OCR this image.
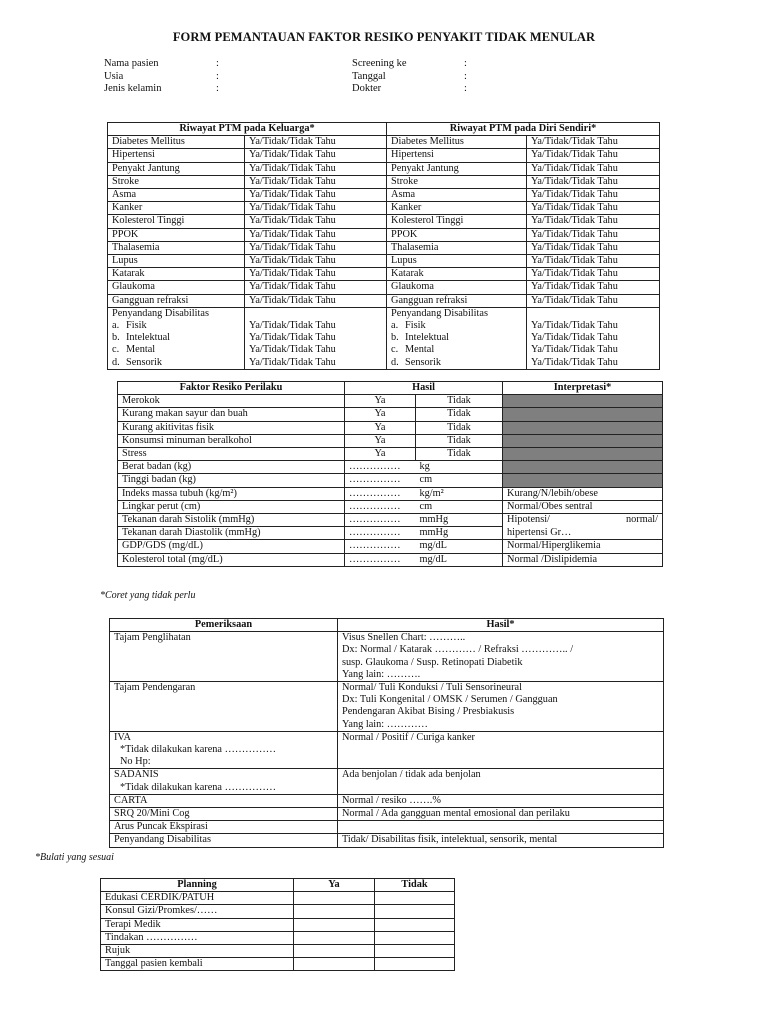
FORM PEMANTAUAN FAKTOR RESIKO PENYAKIT TIDAK MENULAR
Nama pasien	:
Usia	:
Jenis kelamin	:
Screening ke	:
Tanggal	:
Dokter	:
Riwayat PTM pada Keluarga*		Riwayat PTM pada Diri Sendiri*	
Diabetes Mellitus	Ya/Tidak/Tidak Tahu	Diabetes Mellitus	Ya/Tidak/Tidak Tahu
Hipertensi	Ya/Tidak/Tidak Tahu	Hipertensi	Ya/Tidak/Tidak Tahu
Penyakt Jantung	Ya/Tidak/Tidak Tahu	Penyakt Jantung	Ya/Tidak/Tidak Tahu
Stroke	Ya/Tidak/Tidak Tahu	Stroke	Ya/Tidak/Tidak Tahu
Asma	Ya/Tidak/Tidak Tahu	Asma	Ya/Tidak/Tidak Tahu
Kanker	Ya/Tidak/Tidak Tahu	Kanker	Ya/Tidak/Tidak Tahu
Kolesterol Tinggi	Ya/Tidak/Tidak Tahu	Kolesterol Tinggi	Ya/Tidak/Tidak Tahu
PPOK	Ya/Tidak/Tidak Tahu	PPOK	Ya/Tidak/Tidak Tahu
Thalasemia	Ya/Tidak/Tidak Tahu	Thalasemia	Ya/Tidak/Tidak Tahu
Lupus	Ya/Tidak/Tidak Tahu	Lupus	Ya/Tidak/Tidak Tahu
Katarak	Ya/Tidak/Tidak Tahu	Katarak	Ya/Tidak/Tidak Tahu
Glaukoma	Ya/Tidak/Tidak Tahu	Glaukoma	Ya/Tidak/Tidak Tahu
Gangguan refraksi	Ya/Tidak/Tidak Tahu	Gangguan refraksi	Ya/Tidak/Tidak Tahu
Penyandang Disabilitas		Penyandang Disabilitas	

a. Fisik	Ya/Tidak/Tidak Tahu	a. Fisik	Ya/Tidak/Tidak Tahu

b. Intelektual	Ya/Tidak/Tidak Tahu	b. Intelektual	Ya/Tidak/Tidak Tahu

c. Mental	Ya/Tidak/Tidak Tahu	c. Mental	Ya/Tidak/Tidak Tahu

d. Sensorik	Ya/Tidak/Tidak Tahu	d. Sensorik	Ya/Tidak/Tidak Tahu
Faktor Resiko Perilaku	Hasil		Interpretasi*
Merokok	Ya	Tidak	
Kurang makan sayur dan buah	Ya	Tidak	
Kurang akitivitas fisik	Ya	Tidak	
Konsumsi minuman beralkohol	Ya	Tidak	
Stress	Ya	Tidak	
Berat badan (kg)	……………	kg	
Tinggi badan (kg)	……………	cm	
Indeks massa tubuh (kg/m²)	……………	kg/m²	Kurang/N/lebih/obese
Lingkar perut (cm)	……………	cm	Normal/Obes sentral
Tekanan darah Sistolik (mmHg)	……………	mmHg	Hipotensi/ normal/

Tekanan darah Diastolik (mmHg)	……………	mmHg	hipertensi Gr…
GDP/GDS (mg/dL)	……………	mg/dL	Normal/Hiperglikemia
Kolesterol total (mg/dL)	……………	mg/dL	Normal /Dislipidemia
*Coret yang tidak perlu
Pemeriksaan	Hasil*

Tajam Penglihatan	Visus Snellen Chart: ………..
Dx: Normal / Katarak ………… / Refraksi ………….. /
susp. Glaukoma / Susp. Retinopati Diabetik
Yang lain: ……….

Tajam Pendengaran	Normal/ Tuli Konduksi / Tuli Sensorineural
Dx: Tuli Kongenital / OMSK / Serumen / Gangguan
Pendengaran Akibat Bising / Presbiakusis
Yang lain: …………

IVA
*Tidak dilakukan karena ……………
No Hp:	Normal / Positif / Curiga kanker

SADANIS
*Tidak dilakukan karena ……………	Ada benjolan / tidak ada benjolan

CARTA	Normal / resiko …….%

SRQ 20/Mini Cog	Normal / Ada gangguan mental emosional dan perilaku

Arus Puncak Ekspirasi	

Penyandang Disabilitas	Tidak/ Disabilitas fisik, intelektual, sensorik, mental
*Bulati yang sesuai
Planning	Ya	Tidak
Edukasi CERDIK/PATUH		
Konsul Gizi/Promkes/……		
Terapi Medik		
Tindakan ……………		
Rujuk		
Tanggal pasien kembali		
